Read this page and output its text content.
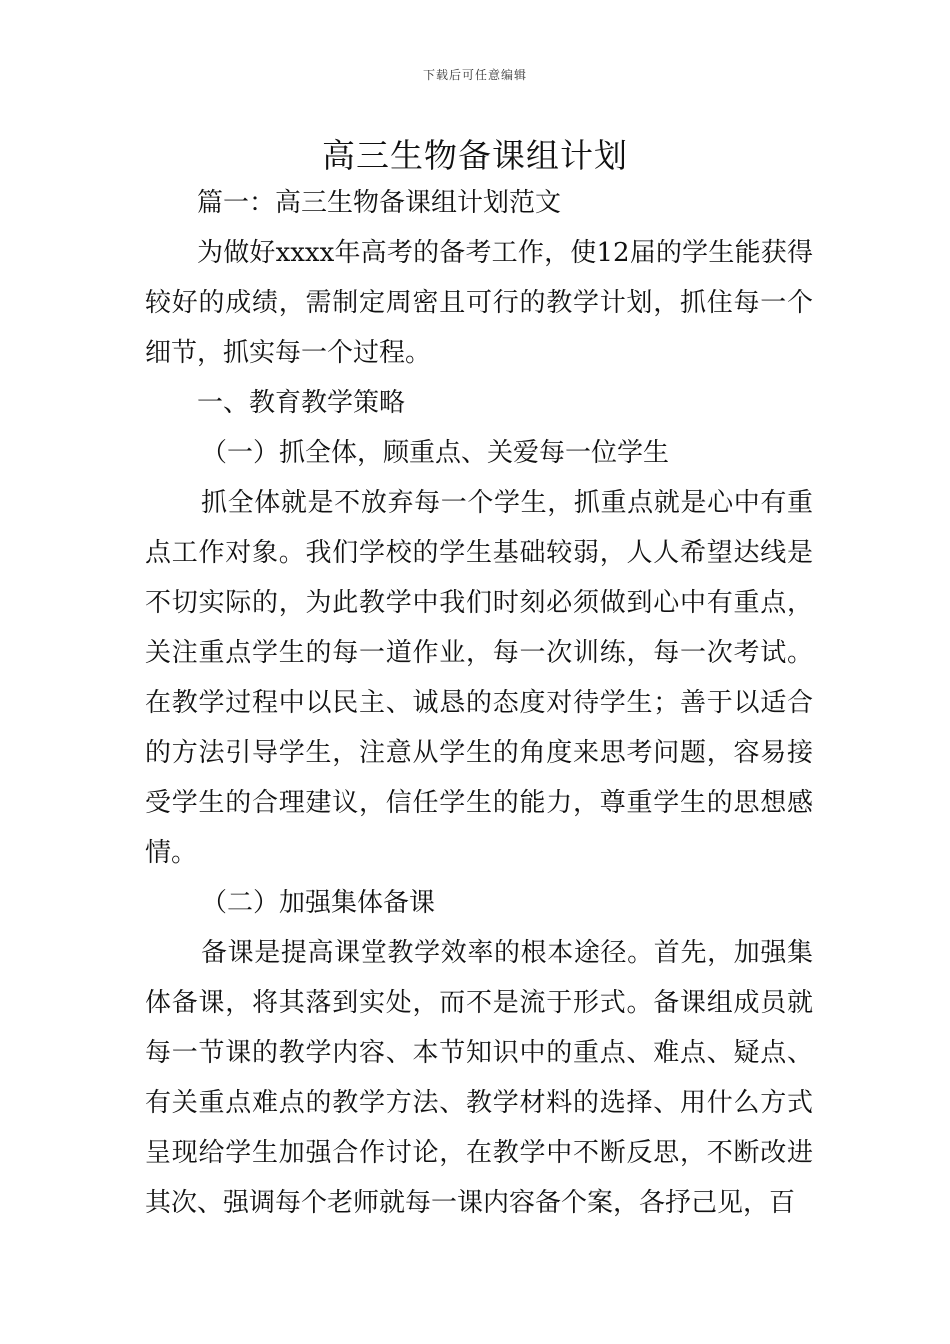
下载后可任意编辑
高三生物备课组计划

篇一：高三生物备课组计划范文

为做好xxxx年高考的备考工作，使12届的学生能获得较好的成绩，需制定周密且可行的教学计划，抓住每一个细节，抓实每一个过程。

一、教育教学策略

（一）抓全体，顾重点、关爱每一位学生

抓全体就是不放弃每一个学生，抓重点就是心中有重点工作对象。我们学校的学生基础较弱，人人希望达线是不切实际的，为此教学中我们时刻必须做到心中有重点，关注重点学生的每一道作业，每一次训练，每一次考试。在教学过程中以民主、诚恳的态度对待学生；善于以适合的方法引导学生，注意从学生的角度来思考问题，容易接受学生的合理建议，信任学生的能力，尊重学生的思想感情。

（二）加强集体备课

备课是提高课堂教学效率的根本途径。首先，加强集体备课，将其落到实处，而不是流于形式。备课组成员就每一节课的教学内容、本节知识中的重点、难点、疑点、有关重点难点的教学方法、教学材料的选择、用什么方式呈现给学生加强合作讨论，在教学中不断反思，不断改进其次、强调每个老师就每一课内容备个案，各抒己见，百
